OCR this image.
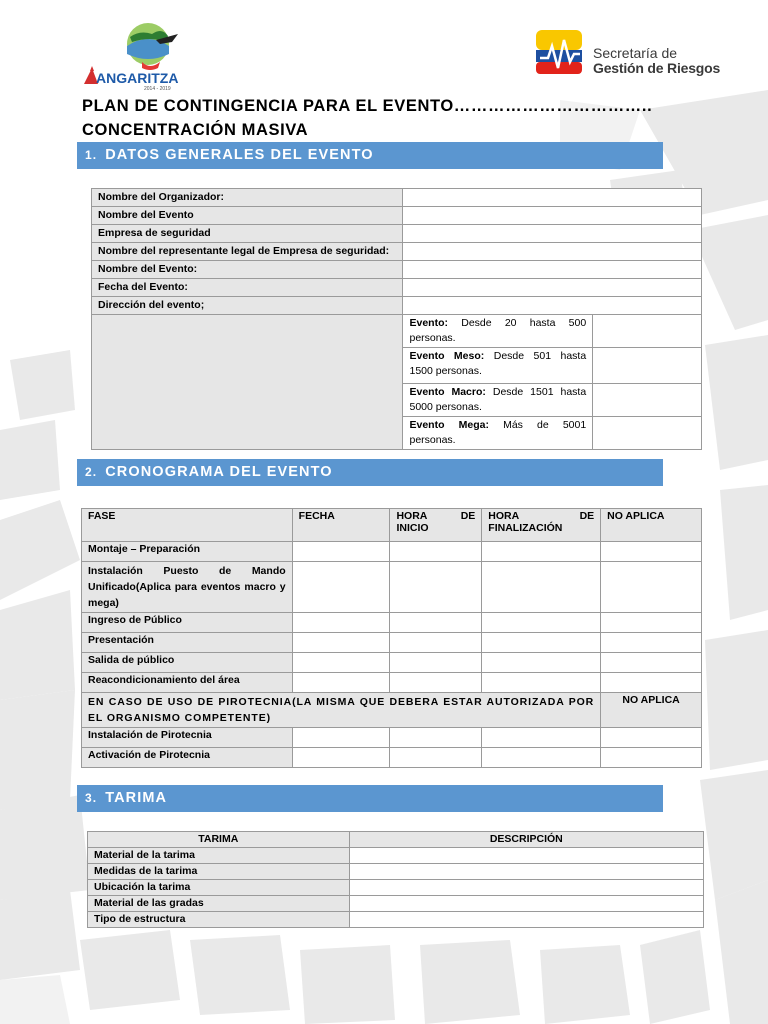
ANGARITZA
2014 - 2019
Secretaría de
Gestión de Riesgos
PLAN DE CONTINGENCIA PARA EL EVENTO……………………………..
CONCENTRACIÓN MASIVA
1. DATOS GENERALES DEL EVENTO
Nombre del Organizador:		
Nombre del Evento		
Empresa de seguridad		
Nombre del representante legal de Empresa de seguridad:		
Nombre del Evento:		
Fecha del Evento:		
Dirección del evento;		
	Evento: Desde 20 hasta 500 personas.	
	Evento Meso: Desde 501 hasta 1500 personas.	
	Evento Macro: Desde 1501 hasta 5000 personas.	
	Evento Mega: Más de 5001 personas.	
2. CRONOGRAMA DEL EVENTO
FASE	FECHA	HORA DE INICIO	HORA DE FINALIZACIÓN	NO APLICA
Montaje – Preparación				
Instalación Puesto de Mando Unificado(Aplica para eventos macro y mega)				
Ingreso de Público				
Presentación				
Salida de público				
Reacondicionamiento del área				
EN CASO DE USO DE PIROTECNIA(LA MISMA QUE DEBERA ESTAR AUTORIZADA POR EL ORGANISMO COMPETENTE)				NO APLICA
Instalación de Pirotecnia				
Activación de Pirotecnia				
3. TARIMA
TARIMA	DESCRIPCIÓN
Material de la tarima	
Medidas de la tarima	
Ubicación la tarima	
Material de las gradas	
Tipo de estructura	
